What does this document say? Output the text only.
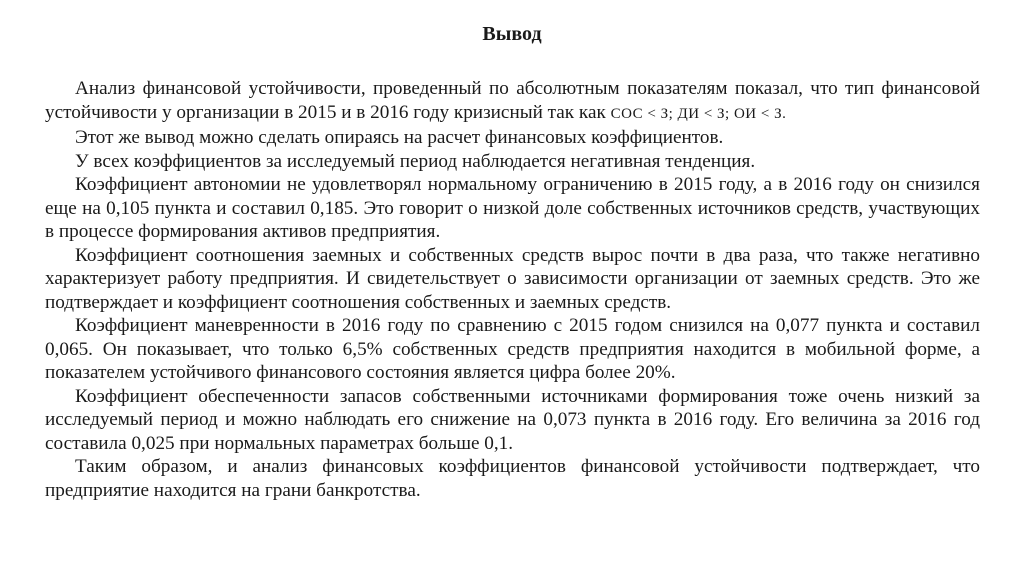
Вывод

Анализ финансовой устойчивости, проведенный по абсолютным показателям показал, что тип финансовой устойчивости у организации в 2015 и в 2016 году кризисный так как СОС < З; ДИ < З; ОИ < З.

Этот же вывод можно сделать опираясь на расчет финансовых коэффициентов.

У всех коэффициентов за исследуемый период наблюдается негативная тенденция.

Коэффициент автономии не удовлетворял нормальному ограничению в 2015 году, а в 2016 году он снизился еще на 0,105 пункта и составил 0,185. Это говорит о низкой доле собственных источников средств, участвующих в процессе формирования активов предприятия.

Коэффициент соотношения заемных и собственных средств вырос почти в два раза, что также негативно характеризует работу предприятия. И свидетельствует о зависимости организации от заемных средств. Это же подтверждает и коэффициент соотношения собственных и заемных средств.

Коэффициент маневренности в 2016 году по сравнению с 2015 годом снизился на 0,077 пункта и составил 0,065. Он показывает, что только 6,5% собственных средств предприятия находится в мобильной форме, а показателем устойчивого финансового состояния является цифра более 20%.

Коэффициент обеспеченности запасов собственными источниками формирования тоже очень низкий за исследуемый период и можно наблюдать его снижение на 0,073 пункта в 2016 году. Его величина за 2016 год составила 0,025 при нормальных параметрах больше 0,1.

Таким образом, и анализ финансовых коэффициентов финансовой устойчивости подтверждает, что предприятие находится на грани банкротства.
